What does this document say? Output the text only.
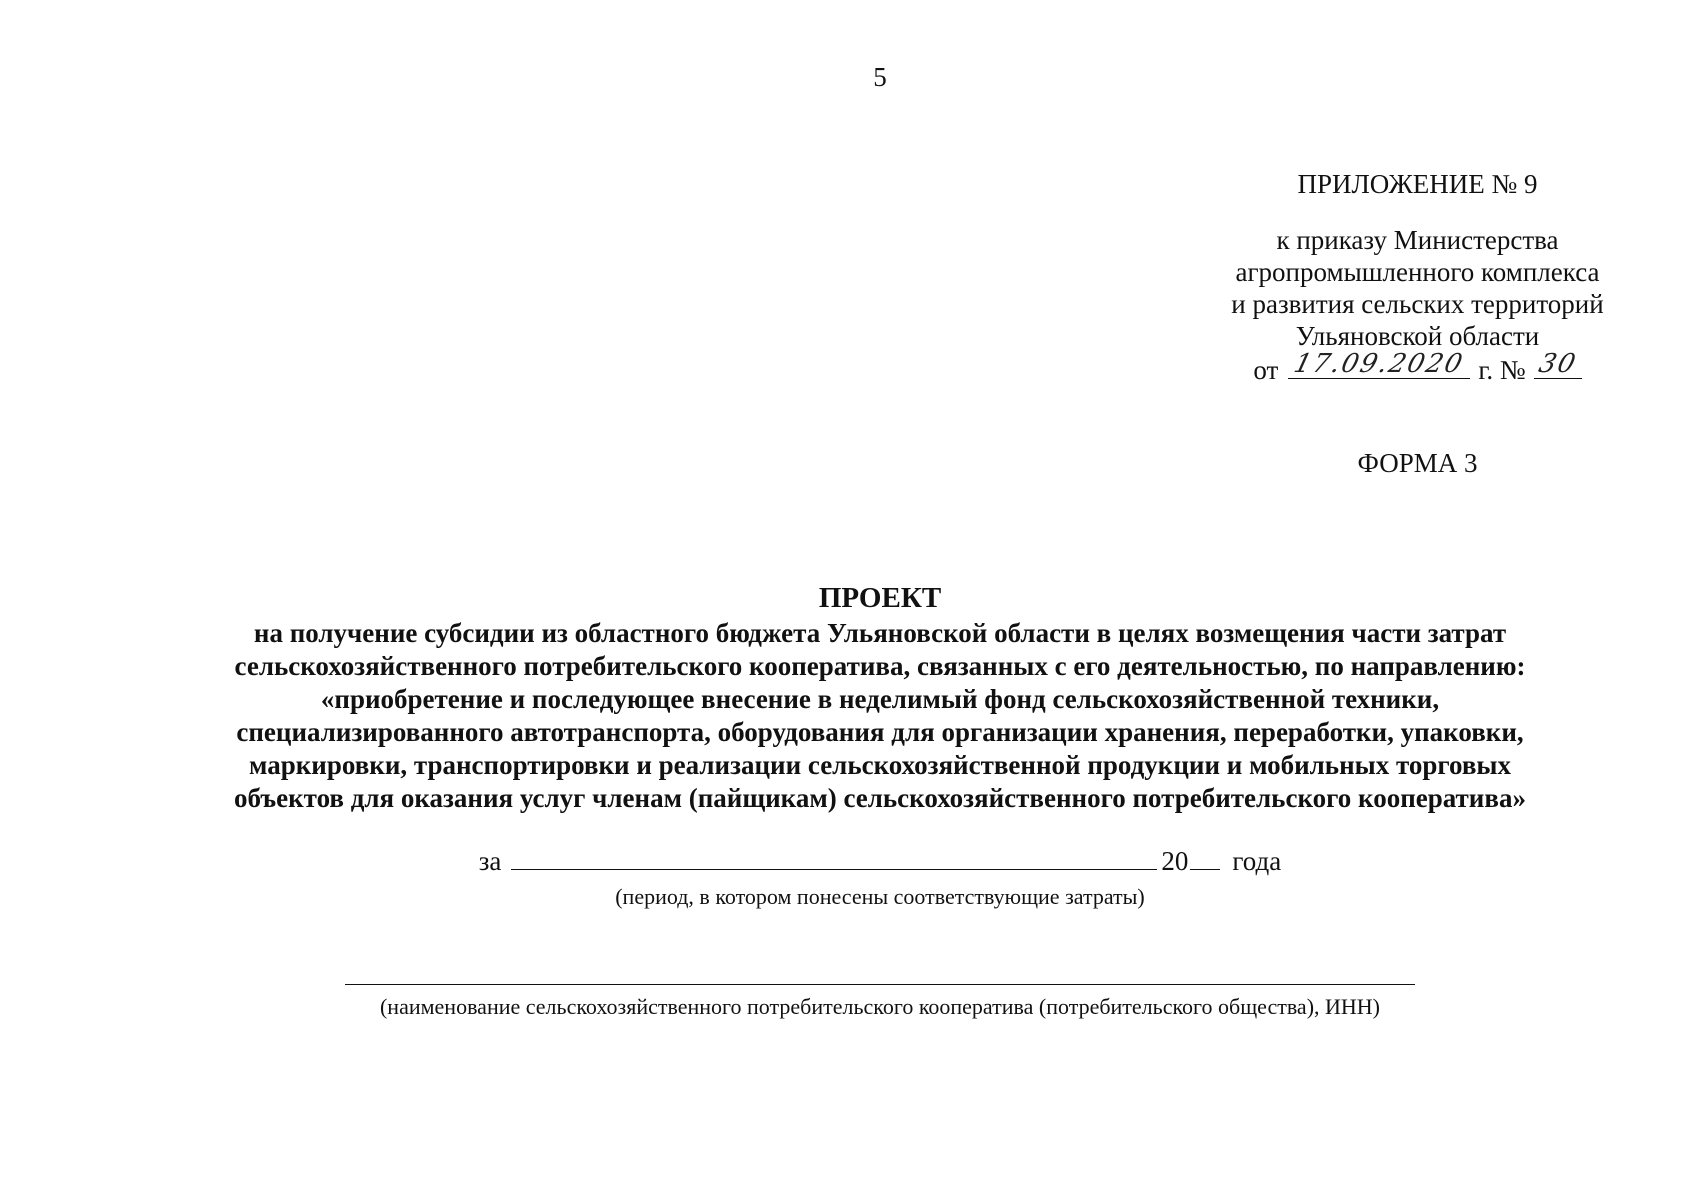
5
ПРИЛОЖЕНИЕ № 9
к приказу Министерства
агропромышленного комплекса
и развития сельских территорий
Ульяновской области
от 17.09.2020 г. № 30
ФОРМА 3
ПРОЕКТ
на получение субсидии из областного бюджета Ульяновской области в целях возмещения части затрат
сельскохозяйственного потребительского кооператива, связанных с его деятельностью, по направлению:
«приобретение и последующее внесение в неделимый фонд сельскохозяйственной техники,
специализированного автотранспорта, оборудования для организации хранения, переработки, упаковки,
маркировки, транспортировки и реализации сельскохозяйственной продукции и мобильных торговых
объектов для оказания услуг членам (пайщикам) сельскохозяйственного потребительского кооператива»
за	20 года
(период, в котором понесены соответствующие затраты)
(наименование сельскохозяйственного потребительского кооператива (потребительского общества), ИНН)
